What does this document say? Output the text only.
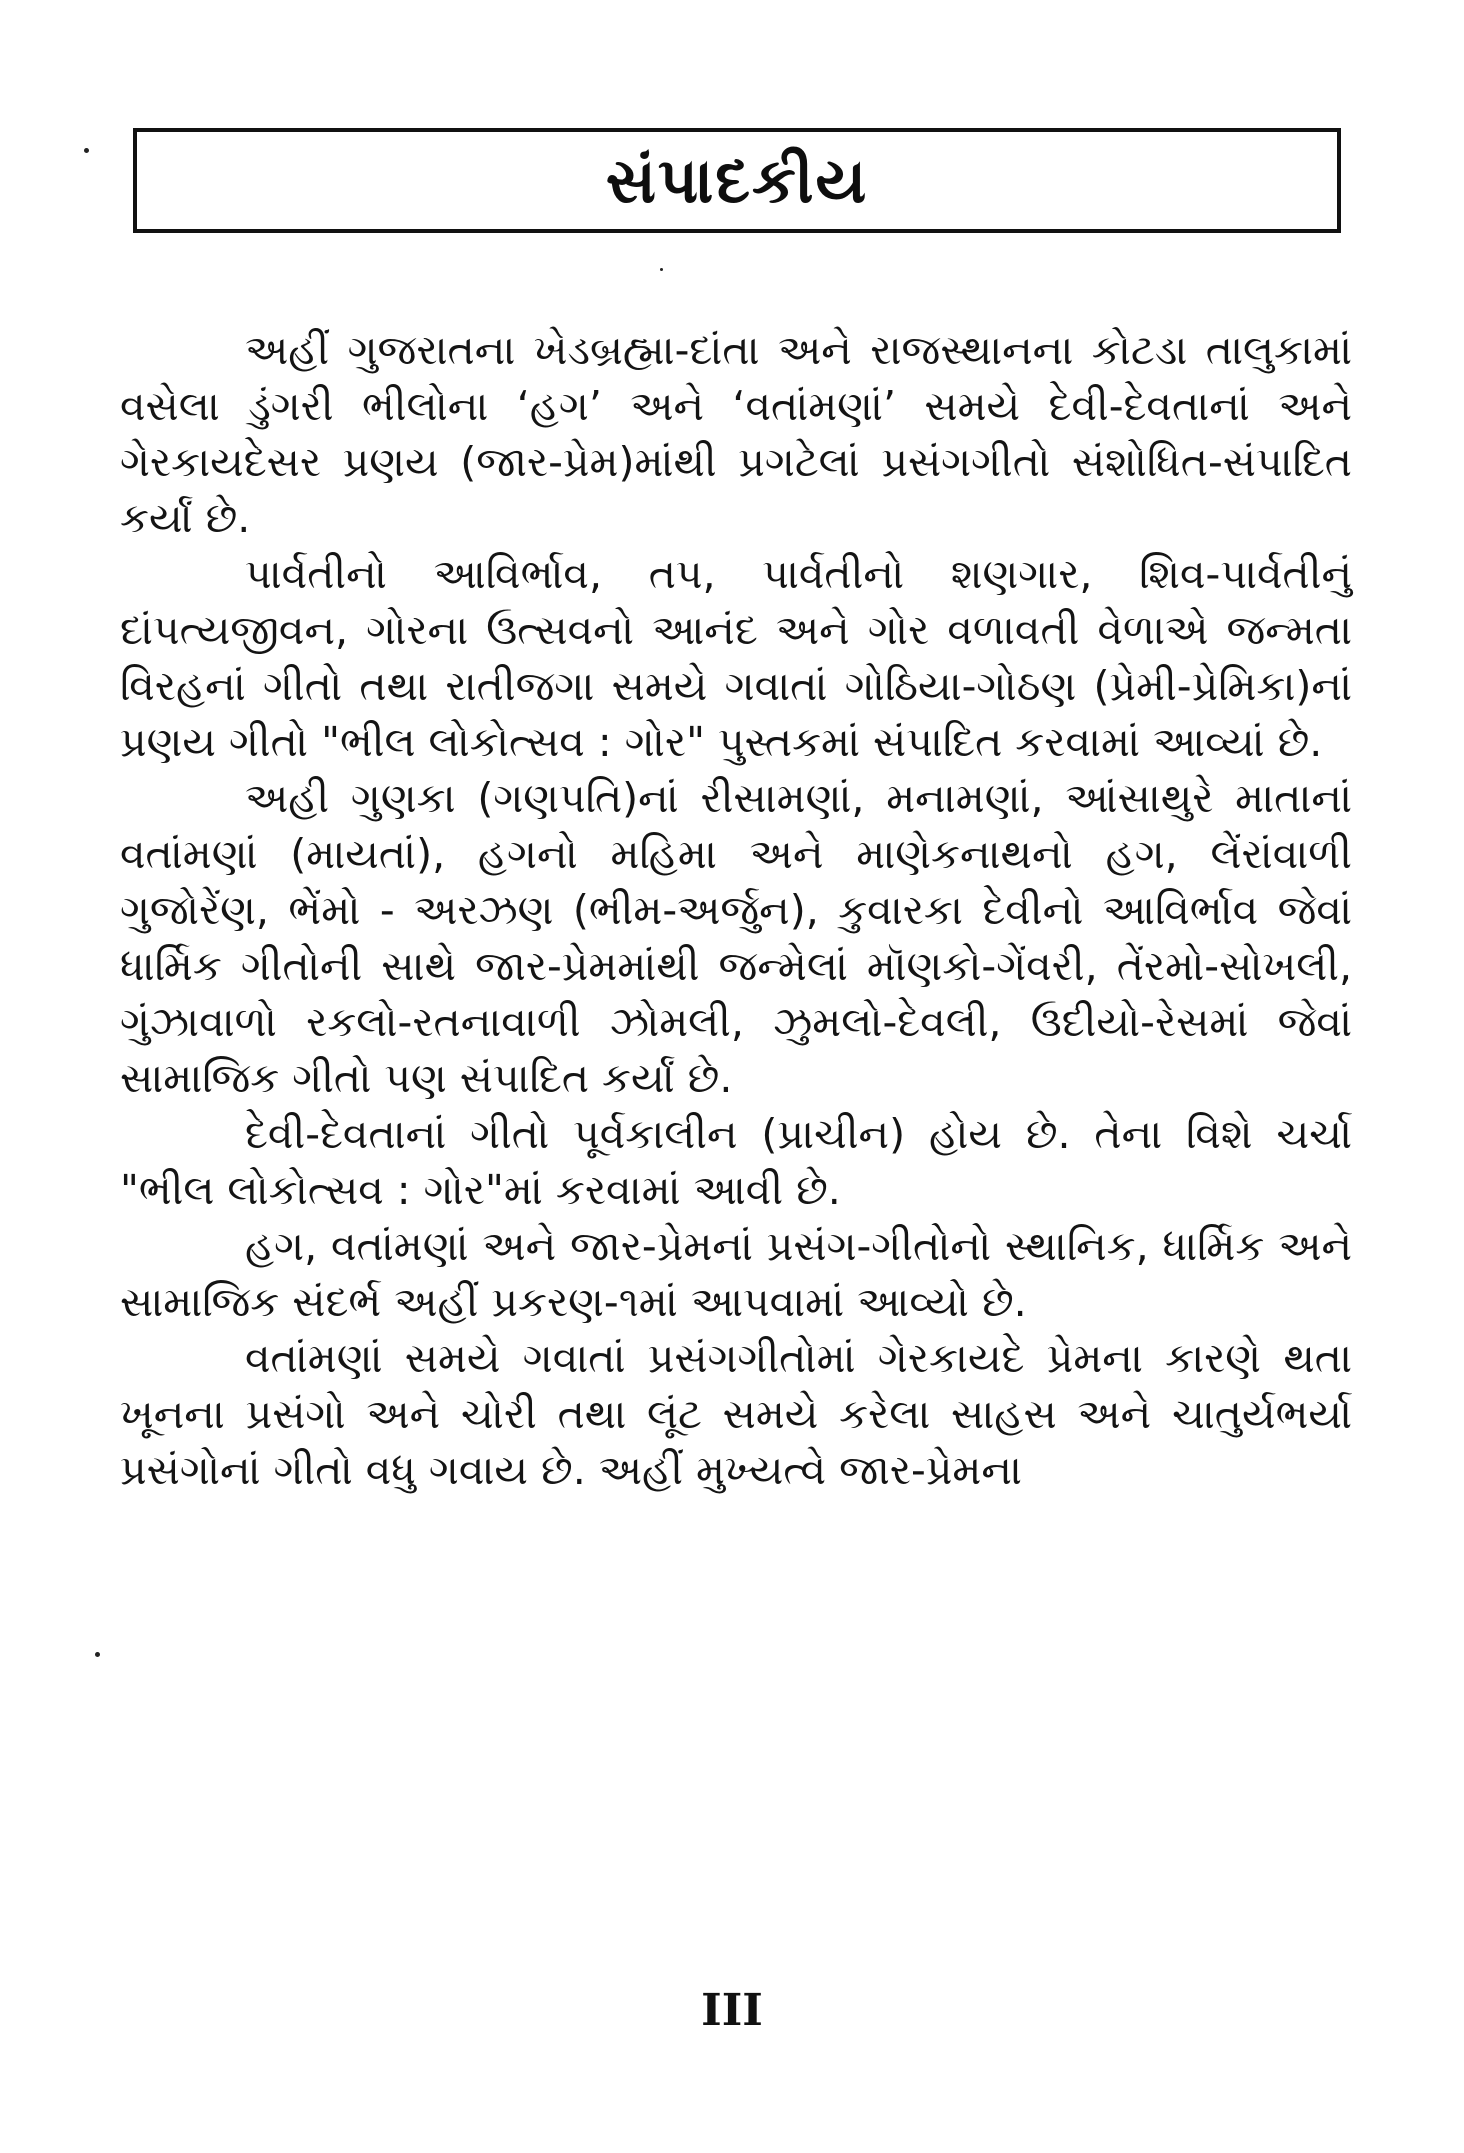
સંપાદકીય

અહીં ગુજરાતના ખેડબ્રહ્મા-દાંતા અને રાજસ્થાનના કોટડા તાલુકામાં વસેલા ડુંગરી ભીલોના ‘હગ’ અને ‘વતાંમણાં’ સમયે દેવી-દેવતાનાં અને ગેરકાયદેસર પ્રણય (જાર-પ્રેમ)માંથી પ્રગટેલાં પ્રસંગગીતો સંશોધિત-સંપાદિત કર્યાં છે.

પાર્વતીનો આવિર્ભાવ, તપ, પાર્વતીનો શણગાર, શિવ-પાર્વતીનું દાંપત્યજીવન, ગોરના ઉત્સવનો આનંદ અને ગોર વળાવતી વેળાએ જન્મતા વિરહનાં ગીતો તથા રાતીજગા સમયે ગવાતાં ગોઠિયા-ગોઠણ (પ્રેમી-પ્રેમિકા)નાં પ્રણય ગીતો "ભીલ લોકોત્સવ : ગોર" પુસ્તકમાં સંપાદિત કરવામાં આવ્યાં છે.

અહી ગુણકા (ગણપતિ)નાં રીસામણાં, મનામણાં, આંસાથુરે માતાનાં વતાંમણાં (માયતાં), હગનો મહિમા અને માણેકનાથનો હગ, લેંરાંવાળી ગુજોરેંણ, ભેંમો - અરઝણ (ભીમ-અર્જુન), કુવારકા દેવીનો આવિર્ભાવ જેવાં ધાર્મિક ગીતોની સાથે જાર-પ્રેમમાંથી જન્મેલાં મૉણકો-ગેંવરી, તેંરમો-સોખલી, ગુંઝાવાળો રકલો-રતનાવાળી ઝોમલી, ઝુમલો-દેવલી, ઉદીયો-રેસમાં જેવાં સામાજિક ગીતો પણ સંપાદિત કર્યાં છે.

દેવી-દેવતાનાં ગીતો પૂર્વકાલીન (પ્રાચીન) હોય છે. તેના વિશે ચર્ચા "ભીલ લોકોત્સવ : ગોર"માં કરવામાં આવી છે.

હગ, વતાંમણાં અને જાર-પ્રેમનાં પ્રસંગ-ગીતોનો સ્થાનિક, ધાર્મિક અને સામાજિક સંદર્ભ અહીં પ્રકરણ-૧માં આપવામાં આવ્યો છે.

વતાંમણાં સમયે ગવાતાં પ્રસંગગીતોમાં ગેરકાયદે પ્રેમના કારણે થતા ખૂનના પ્રસંગો અને ચોરી તથા લૂંટ સમયે કરેલા સાહસ અને ચાતુર્યભર્યા પ્રસંગોનાં ગીતો વધુ ગવાય છે. અહીં મુખ્યત્વે જાર-પ્રેમના

III
